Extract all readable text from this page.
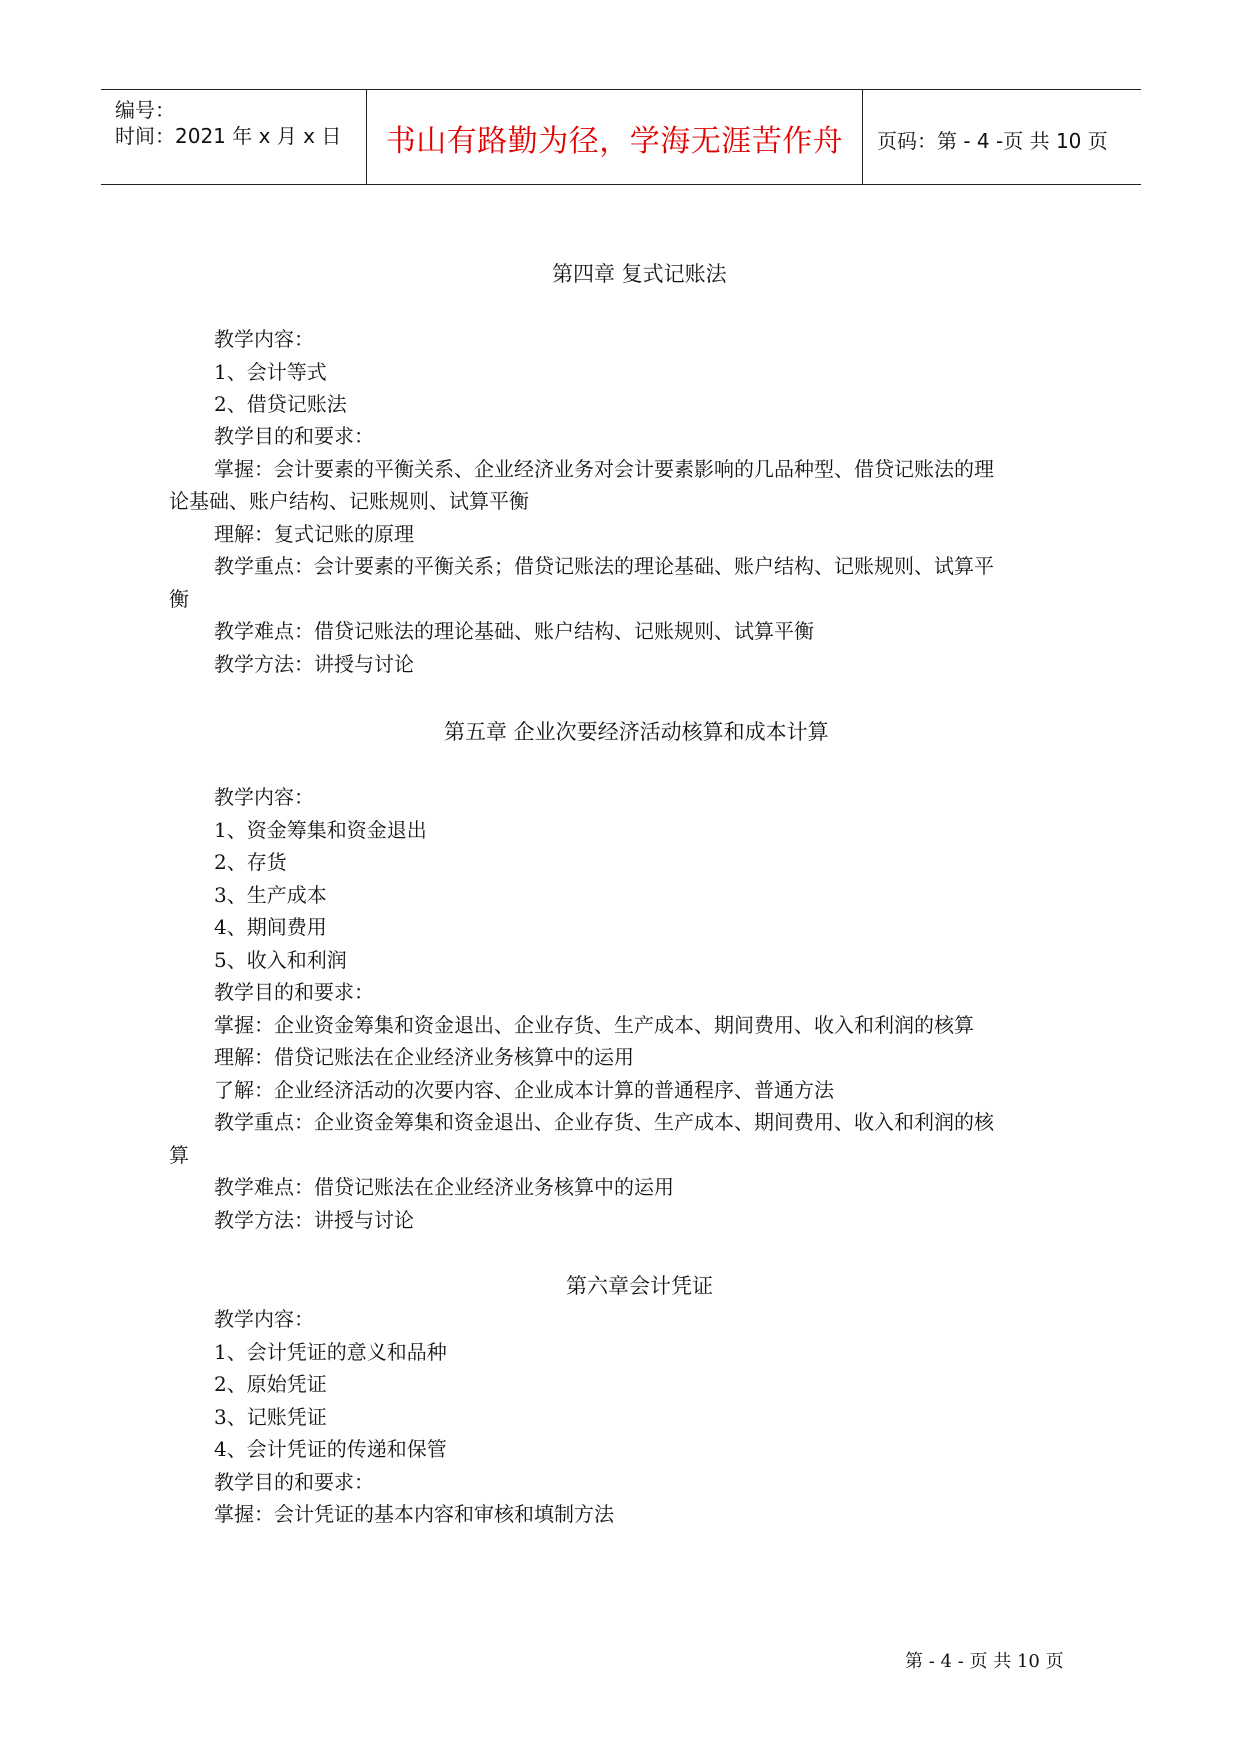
编号：
时间：2021 年 x 月 x 日	书山有路勤为径，学海无涯苦作舟	页码：第 - 4 -页 共 10 页
第四章 复式记账法
教学内容：
1、会计等式
2、借贷记账法
教学目的和要求：
掌握：会计要素的平衡关系、企业经济业务对会计要素影响的几品种型、借贷记账法的理
论基础、账户结构、记账规则、试算平衡
理解：复式记账的原理
教学重点：会计要素的平衡关系；借贷记账法的理论基础、账户结构、记账规则、试算平
衡
教学难点：借贷记账法的理论基础、账户结构、记账规则、试算平衡
教学方法：讲授与讨论
第五章 企业次要经济活动核算和成本计算
教学内容：
1、资金筹集和资金退出
2、存货
3、生产成本
4、期间费用
5、收入和利润
教学目的和要求：
掌握：企业资金筹集和资金退出、企业存货、生产成本、期间费用、收入和利润的核算
理解：借贷记账法在企业经济业务核算中的运用
了解：企业经济活动的次要内容、企业成本计算的普通程序、普通方法
教学重点：企业资金筹集和资金退出、企业存货、生产成本、期间费用、收入和利润的核
算
教学难点：借贷记账法在企业经济业务核算中的运用
教学方法：讲授与讨论
第六章会计凭证
教学内容：
1、会计凭证的意义和品种
2、原始凭证
3、记账凭证
4、会计凭证的传递和保管
教学目的和要求：
掌握：会计凭证的基本内容和审核和填制方法
第 - 4 - 页 共 10 页
